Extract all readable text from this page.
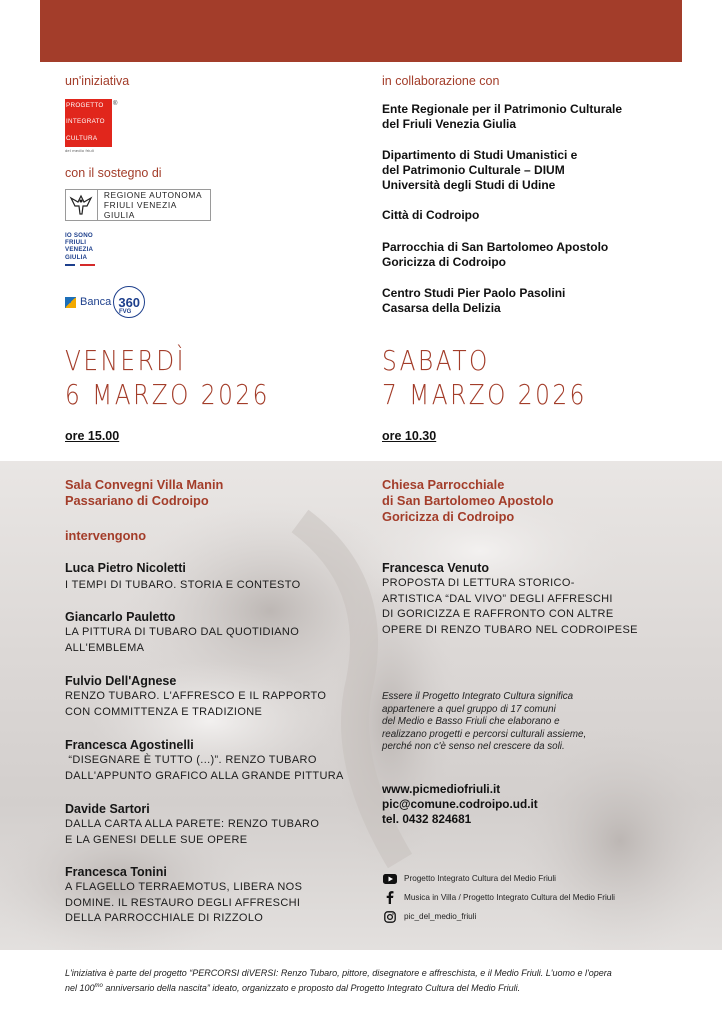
un'iniziativa
PROGETTO
INTEGRATO
CULTURA
®
del medio friuli
con il sostegno di
REGIONE AUTONOMA
FRIULI VENEZIA GIULIA
IO SONO
FRIULI
VENEZIA
GIULIA
Banca 360
FVG
in collaborazione con
Ente Regionale per il Patrimonio Culturale
del Friuli Venezia Giulia
Dipartimento di Studi Umanistici e
del Patrimonio Culturale – DIUM
Università degli Studi di Udine
Città di Codroipo
Parrocchia di San Bartolomeo Apostolo
Goricizza di Codroipo
Centro Studi Pier Paolo Pasolini
Casarsa della Delizia
VENERDÌ
6 MARZO 2026
ore 15.00
SABATO
7 MARZO 2026
ore 10.30
Sala Convegni Villa Manin
Passariano di Codroipo
intervengono
Luca Pietro Nicoletti
I TEMPI DI TUBARO. STORIA E CONTESTO
Giancarlo Pauletto
LA PITTURA DI TUBARO DAL QUOTIDIANO
ALL'EMBLEMA
Fulvio Dell'Agnese
RENZO TUBARO. L'AFFRESCO E IL RAPPORTO
CON COMMITTENZA E TRADIZIONE
Francesca Agostinelli
“DISEGNARE È TUTTO (...)”. RENZO TUBARO
DALL'APPUNTO GRAFICO ALLA GRANDE PITTURA
Davide Sartori
DALLA CARTA ALLA PARETE: RENZO TUBARO
E LA GENESI DELLE SUE OPERE
Francesca Tonini
A FLAGELLO TERRAEMOTUS, LIBERA NOS
DOMINE. IL RESTAURO DEGLI AFFRESCHI
DELLA PARROCCHIALE DI RIZZOLO
Chiesa Parrocchiale
di San Bartolomeo Apostolo
Goricizza di Codroipo
Francesca Venuto
PROPOSTA DI LETTURA STORICO-
ARTISTICA “DAL VIVO” DEGLI AFFRESCHI
DI GORICIZZA E RAFFRONTO CON ALTRE
OPERE DI RENZO TUBARO NEL CODROIPESE
Essere il Progetto Integrato Cultura significa
appartenere a quel gruppo di 17 comuni
del Medio e Basso Friuli che elaborano e
realizzano progetti e percorsi culturali assieme,
perché non c'è senso nel crescere da soli.
www.picmediofriuli.it
pic@comune.codroipo.ud.it
tel. 0432 824681
Progetto Integrato Cultura del Medio Friuli
Musica in Villa / Progetto Integrato Cultura del Medio Friuli
pic_del_medio_friuli
L'iniziativa è parte del progetto “PERCORSI diVERSI: Renzo Tubaro, pittore, disegnatore e affreschista, e il Medio Friuli. L'uomo e l'opera
nel $100^{mo}$ anniversario della nascita” ideato, organizzato e proposto dal Progetto Integrato Cultura del Medio Friuli.
